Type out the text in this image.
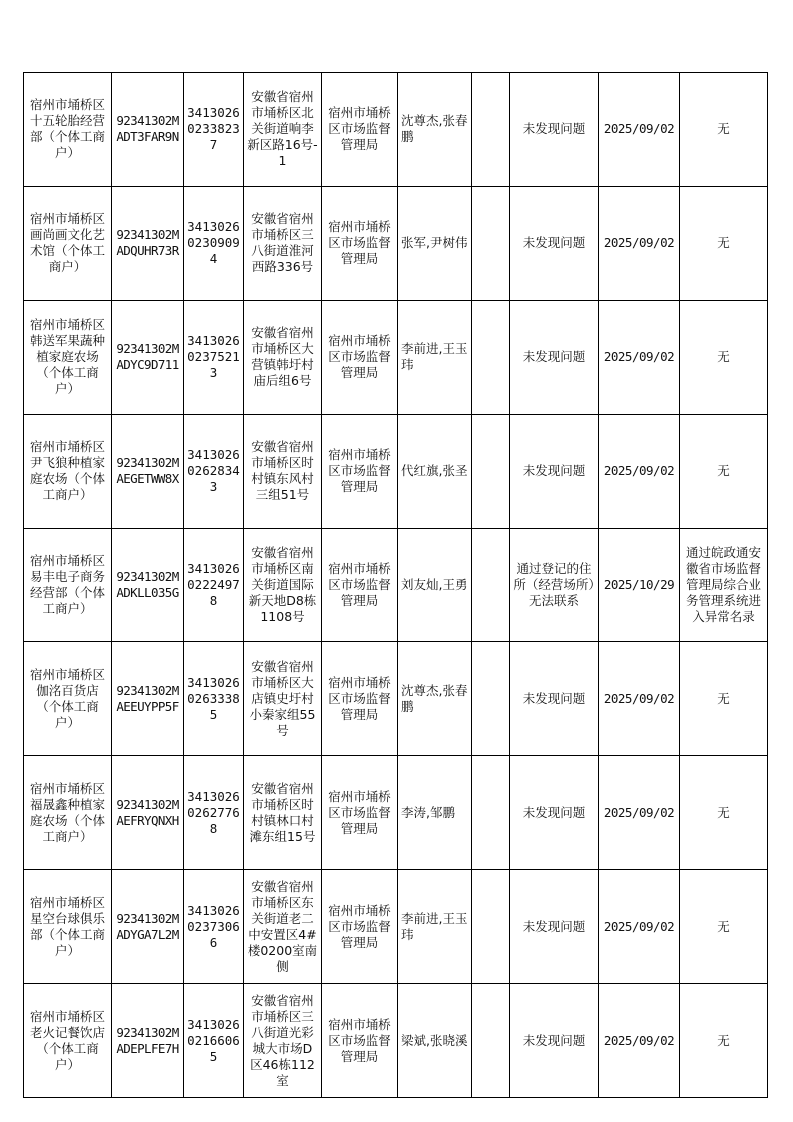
宿州市埇桥区十五轮胎经营部（个体工商户）	92341302MADT3FAR9N	341302602338237	安徽省宿州市埇桥区北关街道响李新区路16号-1	宿州市埇桥区市场监督管理局	沈尊杰,张春鹏		未发现问题	2025/09/02	无
宿州市埇桥区画尚画文化艺术馆（个体工商户）	92341302MADQUHR73R	341302602309094	安徽省宿州市埇桥区三八街道淮河西路336号	宿州市埇桥区市场监督管理局	张军,尹树伟		未发现问题	2025/09/02	无
宿州市埇桥区韩送军果蔬种植家庭农场（个体工商户）	92341302MADYC9D711	341302602375213	安徽省宿州市埇桥区大营镇韩圩村庙后组6号	宿州市埇桥区市场监督管理局	李前进,王玉玮		未发现问题	2025/09/02	无
宿州市埇桥区尹飞狼种植家庭农场（个体工商户）	92341302MAEGETWW8X	341302602628343	安徽省宿州市埇桥区时村镇东风村三组51号	宿州市埇桥区市场监督管理局	代红旗,张圣		未发现问题	2025/09/02	无
宿州市埇桥区易丰电子商务经营部（个体工商户）	92341302MADKLL035G	341302602224978	安徽省宿州市埇桥区南关街道国际新天地D8栋1108号	宿州市埇桥区市场监督管理局	刘友灿,王勇		通过登记的住所（经营场所）无法联系	2025/10/29	通过皖政通安徽省市场监督管理局综合业务管理系统进入异常名录
宿州市埇桥区伽洺百货店（个体工商户）	92341302MAEEUYPP5F	341302602633385	安徽省宿州市埇桥区大店镇史圩村小秦家组55号	宿州市埇桥区市场监督管理局	沈尊杰,张春鹏		未发现问题	2025/09/02	无
宿州市埇桥区福晟鑫种植家庭农场（个体工商户）	92341302MAEFRYQNXH	341302602627768	安徽省宿州市埇桥区时村镇林口村滩东组15号	宿州市埇桥区市场监督管理局	李涛,邹鹏		未发现问题	2025/09/02	无
宿州市埇桥区星空台球俱乐部（个体工商户）	92341302MADYGA7L2M	341302602373066	安徽省宿州市埇桥区东关街道老二中安置区4#楼0200室南侧	宿州市埇桥区市场监督管理局	李前进,王玉玮		未发现问题	2025/09/02	无
宿州市埇桥区老火记餐饮店（个体工商户）	92341302MADEPLFE7H	341302602166065	安徽省宿州市埇桥区三八街道光彩城大市场D区46栋112室	宿州市埇桥区市场监督管理局	梁斌,张晓溪		未发现问题	2025/09/02	无
